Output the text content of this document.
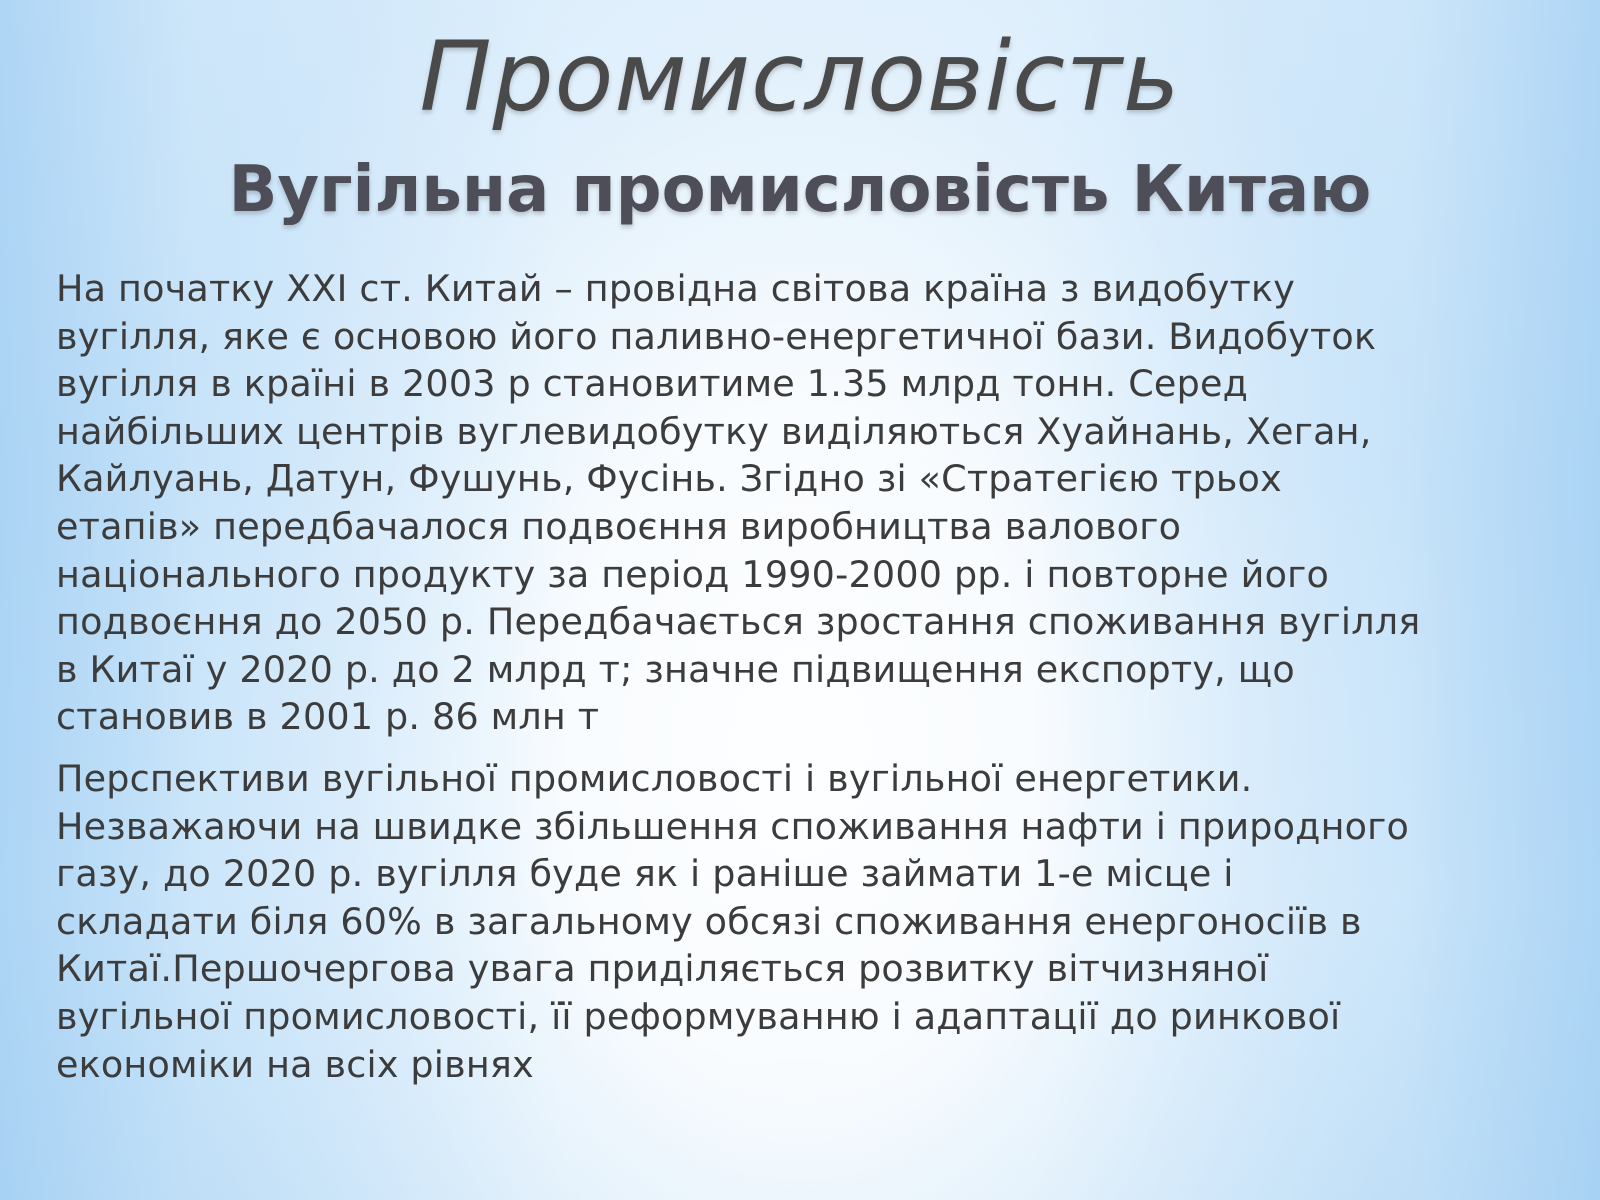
Промисловість
Вугільна промисловість Китаю

На початку ХХІ ст. Китай – провідна світова країна з видобутку
вугілля, яке є основою його паливно-енергетичної бази. Видобуток
вугілля в країні в 2003 р становитиме 1.35 млрд тонн. Серед
найбільших центрів вуглевидобутку виділяються Хуайнань, Хеган,
Кайлуань, Датун, Фушунь, Фусінь. Згідно зі «Стратегією трьох
етапів» передбачалося подвоєння виробництва валового
національного продукту за період 1990-2000 рр. і повторне його
подвоєння до 2050 р. Передбачається зростання споживання вугілля
в Китаї у 2020 р. до 2 млрд т; значне підвищення експорту, що
становив в 2001 р. 86 млн т

Перспективи вугільної промисловості і вугільної енергетики.
Незважаючи на швидке збільшення споживання нафти і природного
газу, до 2020 р. вугілля буде як і раніше займати 1-е місце і
складати біля 60% в загальному обсязі споживання енергоносіїв в
Китаї.Першочергова увага приділяється розвитку вітчизняної
вугільної промисловості, її реформуванню і адаптації до ринкової
економіки на всіх рівнях
